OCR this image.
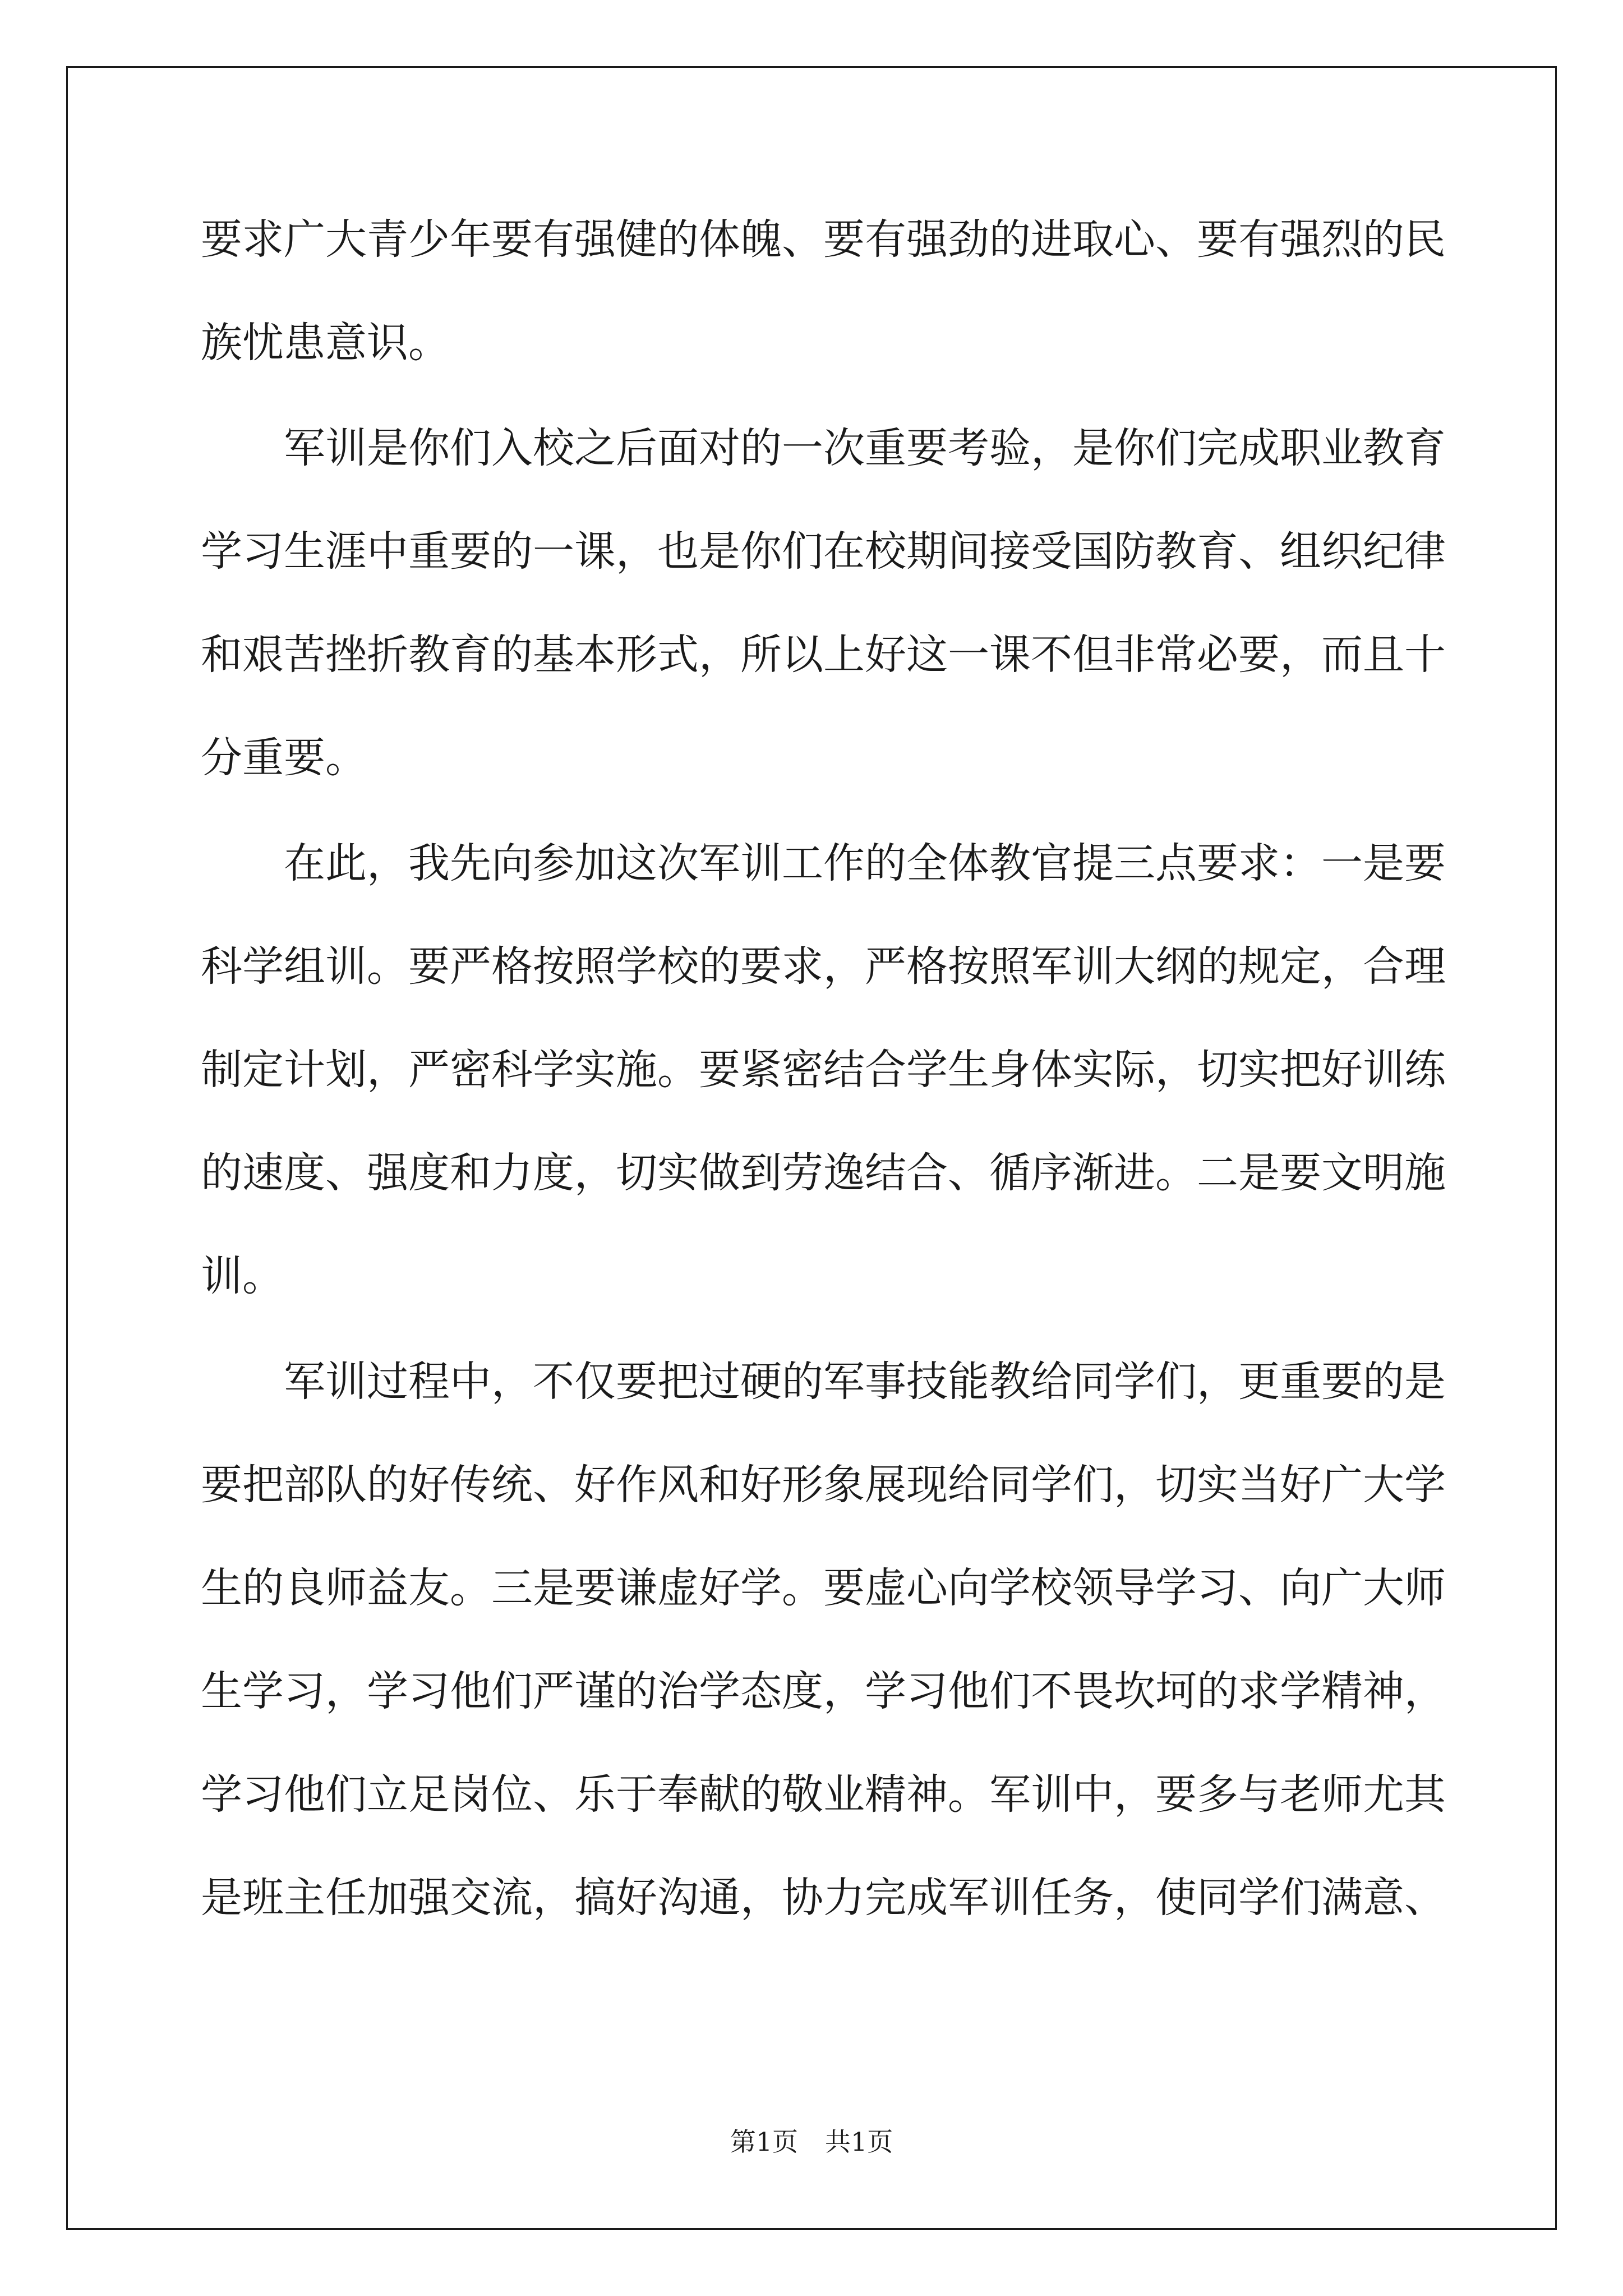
要求广大青少年要有强健的体魄、要有强劲的进取心、要有强烈的民

族忧患意识。

军训是你们入校之后面对的一次重要考验，是你们完成职业教育

学习生涯中重要的一课，也是你们在校期间接受国防教育、组织纪律

和艰苦挫折教育的基本形式，所以上好这一课不但非常必要，而且十

分重要。

在此，我先向参加这次军训工作的全体教官提三点要求：一是要

科学组训。要严格按照学校的要求，严格按照军训大纲的规定，合理

制定计划，严密科学实施。要紧密结合学生身体实际，切实把好训练

的速度、强度和力度，切实做到劳逸结合、循序渐进。二是要文明施

训。

军训过程中，不仅要把过硬的军事技能教给同学们，更重要的是

要把部队的好传统、好作风和好形象展现给同学们，切实当好广大学

生的良师益友。三是要谦虚好学。要虚心向学校领导学习、向广大师

生学习，学习他们严谨的治学态度，学习他们不畏坎坷的求学精神，

学习他们立足岗位、乐于奉献的敬业精神。军训中，要多与老师尤其

是班主任加强交流，搞好沟通，协力完成军训任务，使同学们满意、

第1页 共1页
